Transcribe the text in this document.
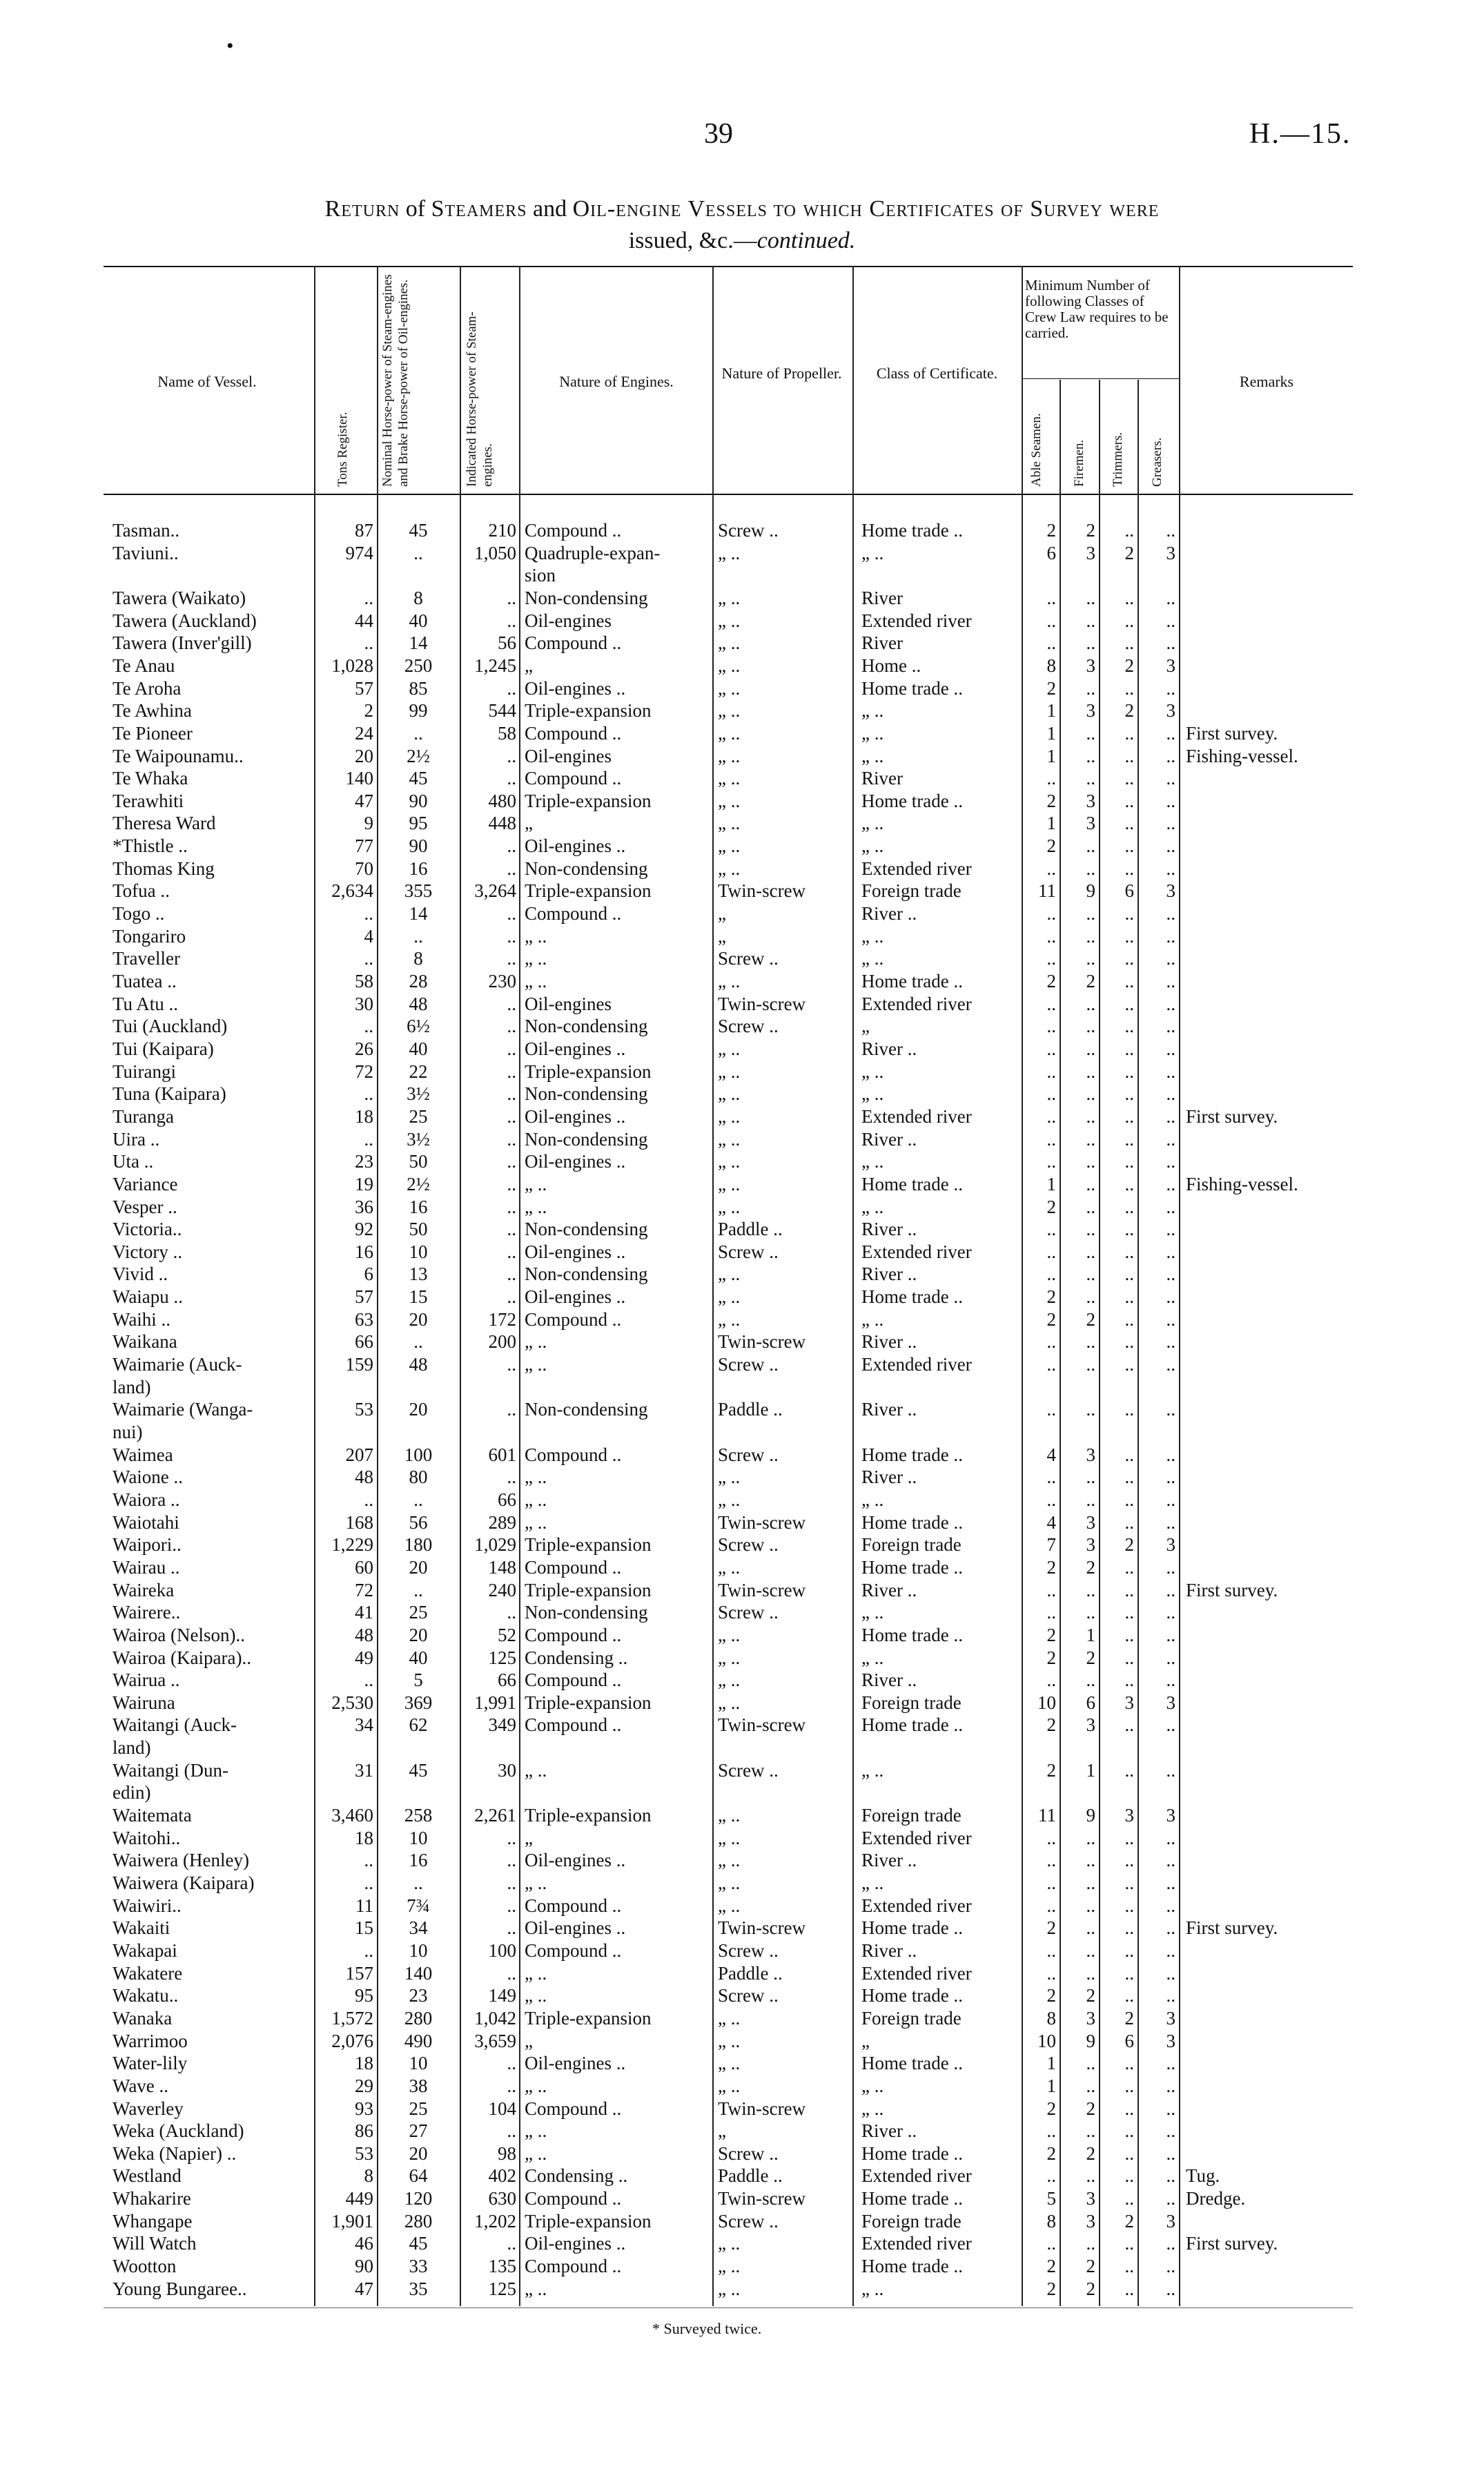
•
39	H.—15.
Return of Steamers and Oil-engine Vessels to which Certificates of Survey were
issued, &c.—continued.
Name of Vessel.
Tons Register. Nominal Horse-power of Steam-engines and Brake Horse-power of Oil-engines.	Indicated Horse-power of Steam-engines.
Nature of Engines.	Nature of Propeller.	Class of Certificate.
Minimum Number of following Classes of Crew Law requires to be carried.
Able Seamen. Firemen. Trimmers. Greasers.
Remarks
Tasman..	87	45	210 Compound ..	Screw ..	Home trade ..	2	2	..	..
Taviuni..	974	..	1,050 Quadruple-expan-	„ ..	„ ..	6	3	2	3
sion
Tawera (Waikato)	..	8	.. Non-condensing	„ ..	River	..	..	..	..
Tawera (Auckland)	44	40	.. Oil-engines	„ ..	Extended river	..	..	..	..
Tawera (Inver'gill)	..	14	56 Compound ..	„ ..	River	..	..	..	..
Te Anau	1,028	250	1,245 „	„ ..	Home ..	8	3	2	3
Te Aroha	57	85	.. Oil-engines ..	„ ..	Home trade ..	2	..	..	..
Te Awhina	2	99	544 Triple-expansion	„ ..	„ ..	1	3	2	3
Te Pioneer	24	..	58 Compound ..	„ ..	„ ..	1	..	..	.. First survey.
Te Waipounamu..	20	2½	.. Oil-engines	„ ..	„ ..	1	..	..	.. Fishing-vessel.
Te Whaka	140	45	.. Compound ..	„ ..	River	..	..	..	..
Terawhiti	47	90	480 Triple-expansion	„ ..	Home trade ..	2	3	..	..
Theresa Ward	9	95	448 „	„ ..	„ ..	1	3	..	..
*Thistle ..	77	90	.. Oil-engines ..	„ ..	„ ..	2	..	..	..
Thomas King	70	16	.. Non-condensing	„ ..	Extended river	..	..	..	..
Tofua ..	2,634	355	3,264 Triple-expansion	Twin-screw	Foreign trade	11	9	6	3
Togo ..	..	14	.. Compound ..	„	River ..	..	..	..	..
Tongariro	4	..	.. „ ..	„	„ ..	..	..	..	..
Traveller	..	8	.. „ ..	Screw ..	„ ..	..	..	..	..
Tuatea ..	58	28	230 „ ..	„ ..	Home trade ..	2	2	..	..
Tu Atu ..	30	48	.. Oil-engines	Twin-screw	Extended river	..	..	..	..
Tui (Auckland)	..	6½	.. Non-condensing	Screw ..	„	..	..	..	..
Tui (Kaipara)	26	40	.. Oil-engines ..	„ ..	River ..	..	..	..	..
Tuirangi	72	22	.. Triple-expansion	„ ..	„ ..	..	..	..	..
Tuna (Kaipara)	..	3½	.. Non-condensing	„ ..	„ ..	..	..	..	..
Turanga	18	25	.. Oil-engines ..	„ ..	Extended river	..	..	..	.. First survey.
Uira ..	..	3½	.. Non-condensing	„ ..	River ..	..	..	..	..
Uta ..	23	50	.. Oil-engines ..	„ ..	„ ..	..	..	..	..
Variance	19	2½	.. „ ..	„ ..	Home trade ..	1	..	..	.. Fishing-vessel.
Vesper ..	36	16	.. „ ..	„ ..	„ ..	2	..	..	..
Victoria..	92	50	.. Non-condensing	Paddle ..	River ..	..	..	..	..
Victory ..	16	10	.. Oil-engines ..	Screw ..	Extended river	..	..	..	..
Vivid ..	6	13	.. Non-condensing	„ ..	River ..	..	..	..	..
Waiapu ..	57	15	.. Oil-engines ..	„ ..	Home trade ..	2	..	..	..
Waihi ..	63	20	172 Compound ..	„ ..	„ ..	2	2	..	..
Waikana	66	..	200 „ ..	Twin-screw	River ..	..	..	..	..
Waimarie (Auck-	159	48	.. „ ..	Screw ..	Extended river	..	..	..	..
land)
Waimarie (Wanga-	53	20	.. Non-condensing	Paddle ..	River ..	..	..	..	..
nui)
Waimea	207	100	601 Compound ..	Screw ..	Home trade ..	4	3	..	..
Waione ..	48	80	.. „ ..	„ ..	River ..	..	..	..	..
Waiora ..	..	..	66 „ ..	„ ..	„ ..	..	..	..	..
Waiotahi	168	56	289 „ ..	Twin-screw	Home trade ..	4	3	..	..
Waipori..	1,229	180	1,029 Triple-expansion	Screw ..	Foreign trade	7	3	2	3
Wairau ..	60	20	148 Compound ..	„ ..	Home trade ..	2	2	..	..
Waireka	72	..	240 Triple-expansion	Twin-screw	River ..	..	..	..	.. First survey.
Wairere..	41	25	.. Non-condensing	Screw ..	„ ..	..	..	..	..
Wairoa (Nelson)..	48	20	52 Compound ..	„ ..	Home trade ..	2	1	..	..
Wairoa (Kaipara)..	49	40	125 Condensing ..	„ ..	„ ..	2	2	..	..
Wairua ..	..	5	66 Compound ..	„ ..	River ..	..	..	..	..
Wairuna	2,530	369	1,991 Triple-expansion	„ ..	Foreign trade	10	6	3	3
Waitangi (Auck-	34	62	349 Compound ..	Twin-screw	Home trade ..	2	3	..	..
land)
Waitangi (Dun-	31	45	30 „ ..	Screw ..	„ ..	2	1	..	..
edin)
Waitemata	3,460	258	2,261 Triple-expansion	„ ..	Foreign trade	11	9	3	3
Waitohi..	18	10	.. „	„ ..	Extended river	..	..	..	..
Waiwera (Henley)	..	16	.. Oil-engines ..	„ ..	River ..	..	..	..	..
Waiwera (Kaipara)	..	..	.. „ ..	„ ..	„ ..	..	..	..	..
Waiwiri..	11	7¾	.. Compound ..	„ ..	Extended river	..	..	..	..
Wakaiti	15	34	.. Oil-engines ..	Twin-screw	Home trade ..	2	..	..	.. First survey.
Wakapai	..	10	100 Compound ..	Screw ..	River ..	..	..	..	..
Wakatere	157	140	.. „ ..	Paddle ..	Extended river	..	..	..	..
Wakatu..	95	23	149 „ ..	Screw ..	Home trade ..	2	2	..	..
Wanaka	1,572	280	1,042 Triple-expansion	„ ..	Foreign trade	8	3	2	3
Warrimoo	2,076	490	3,659 „	„ ..	„	10	9	6	3
Water-lily	18	10	.. Oil-engines ..	„ ..	Home trade ..	1	..	..	..
Wave ..	29	38	.. „ ..	„ ..	„ ..	1	..	..	..
Waverley	93	25	104 Compound ..	Twin-screw	„ ..	2	2	..	..
Weka (Auckland)	86	27	.. „ ..	„	River ..	..	..	..	..
Weka (Napier) ..	53	20	98 „ ..	Screw ..	Home trade ..	2	2	..	..
Westland	8	64	402 Condensing ..	Paddle ..	Extended river	..	..	..	.. Tug.
Whakarire	449	120	630 Compound ..	Twin-screw	Home trade ..	5	3	..	.. Dredge.
Whangape	1,901	280	1,202 Triple-expansion	Screw ..	Foreign trade	8	3	2	3
Will Watch	46	45	.. Oil-engines ..	„ ..	Extended river	..	..	..	.. First survey.
Wootton	90	33	135 Compound ..	„ ..	Home trade ..	2	2	..	..
Young Bungaree..	47	35	125 „ ..	„ ..	„ ..	2	2	..	..
* Surveyed twice.
